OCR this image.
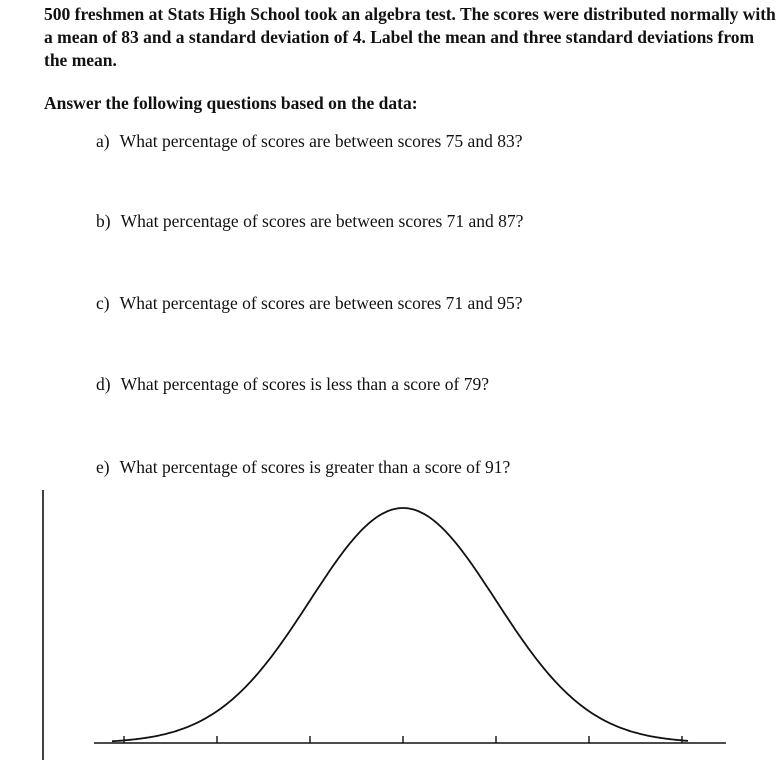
500 freshmen at Stats High School took an algebra test. The scores were distributed normally with a mean of 83 and a standard deviation of 4. Label the mean and three standard deviations from the mean.

Answer the following questions based on the data:

a) What percentage of scores are between scores 75 and 83?
b) What percentage of scores are between scores 71 and 87?
c) What percentage of scores are between scores 71 and 95?
d) What percentage of scores is less than a score of 79?
e) What percentage of scores is greater than a score of 91?
